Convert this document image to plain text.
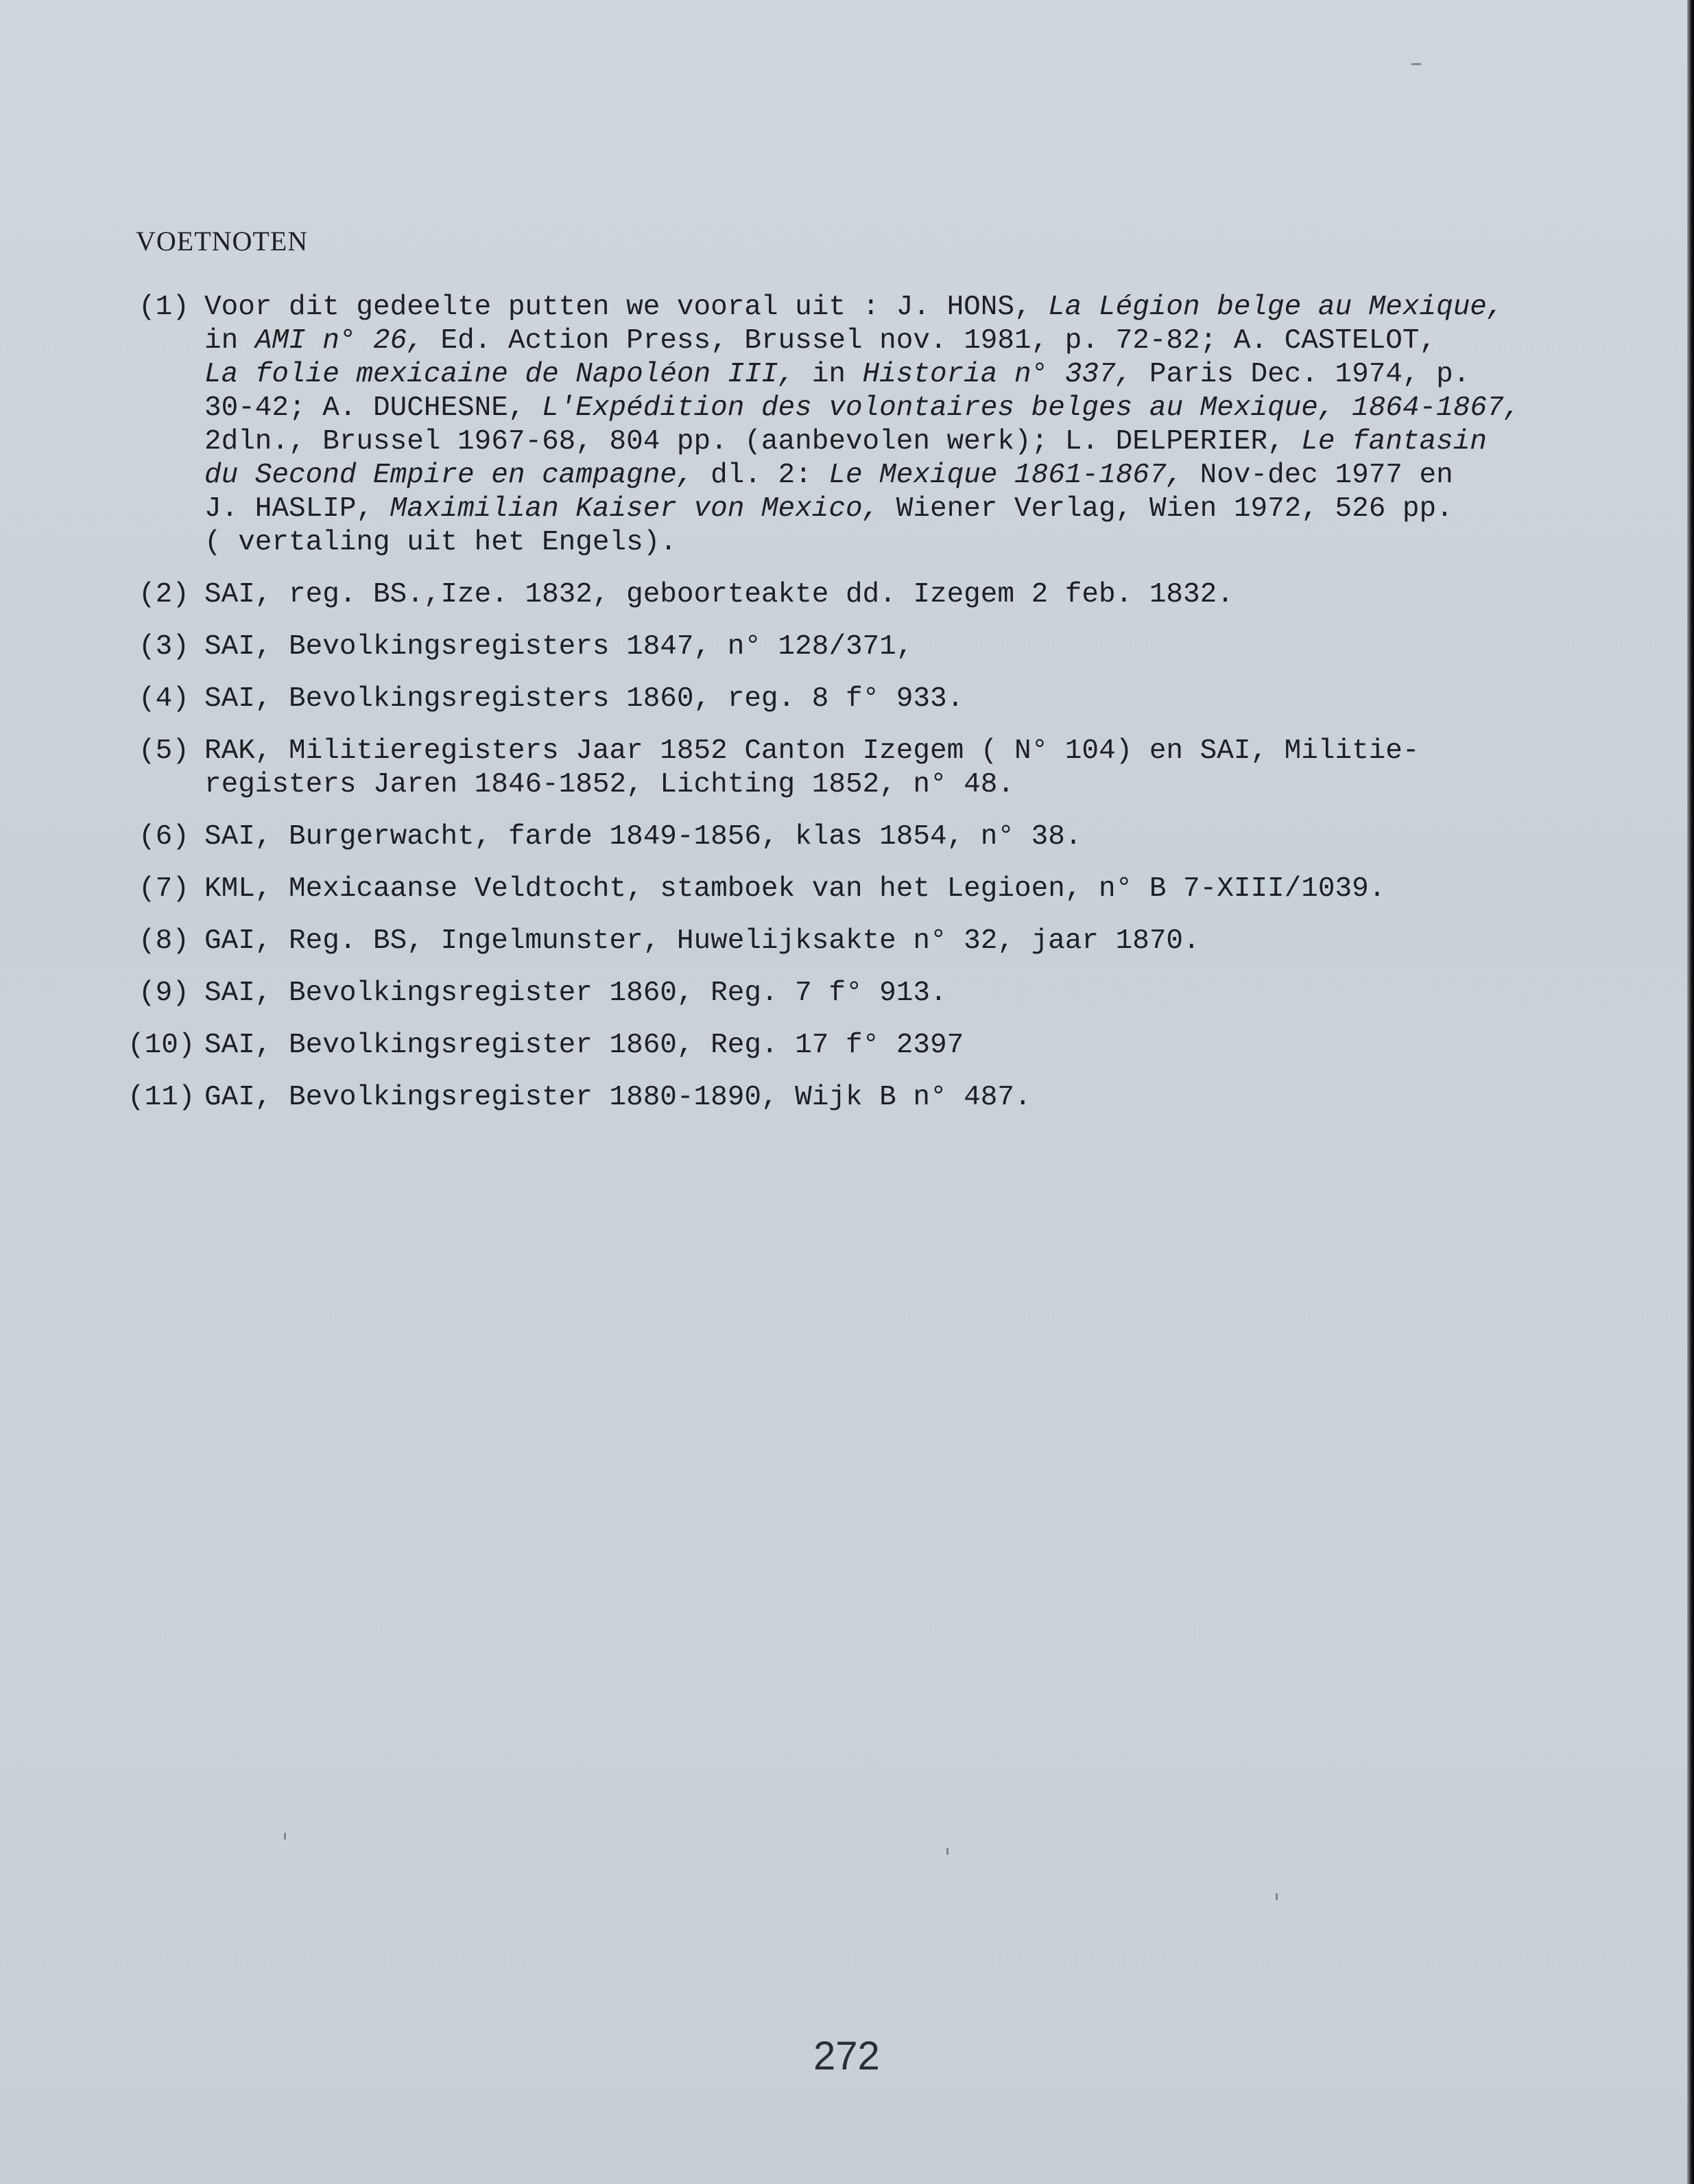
VOETNOTEN
(1) Voor dit gedeelte putten we vooral uit : J. HONS, La Légion belge au Mexique,
in AMI n° 26, Ed. Action Press, Brussel nov. 1981, p. 72-82; A. CASTELOT,
La folie mexicaine de Napoléon III, in Historia n° 337, Paris Dec. 1974, p.
30-42; A. DUCHESNE, L'Expédition des volontaires belges au Mexique, 1864-1867,
2dln., Brussel 1967-68, 804 pp. (aanbevolen werk); L. DELPERIER, Le fantasin
du Second Empire en campagne, dl. 2: Le Mexique 1861-1867, Nov-dec 1977 en
J. HASLIP, Maximilian Kaiser von Mexico, Wiener Verlag, Wien 1972, 526 pp.
( vertaling uit het Engels).
(2) SAI, reg. BS.,Ize. 1832, geboorteakte dd. Izegem 2 feb. 1832.
(3) SAI, Bevolkingsregisters 1847, n° 128/371,
(4) SAI, Bevolkingsregisters 1860, reg. 8 f° 933.
(5) RAK, Militieregisters Jaar 1852 Canton Izegem ( N° 104) en SAI, Militie-
registers Jaren 1846-1852, Lichting 1852, n° 48.
(6) SAI, Burgerwacht, farde 1849-1856, klas 1854, n° 38.
(7) KML, Mexicaanse Veldtocht, stamboek van het Legioen, n° B 7-XIII/1039.
(8) GAI, Reg. BS, Ingelmunster, Huwelijksakte n° 32, jaar 1870.
(9) SAI, Bevolkingsregister 1860, Reg. 7 f° 913.
(10) SAI, Bevolkingsregister 1860, Reg. 17 f° 2397
(11) GAI, Bevolkingsregister 1880-1890, Wijk B n° 487.
272
